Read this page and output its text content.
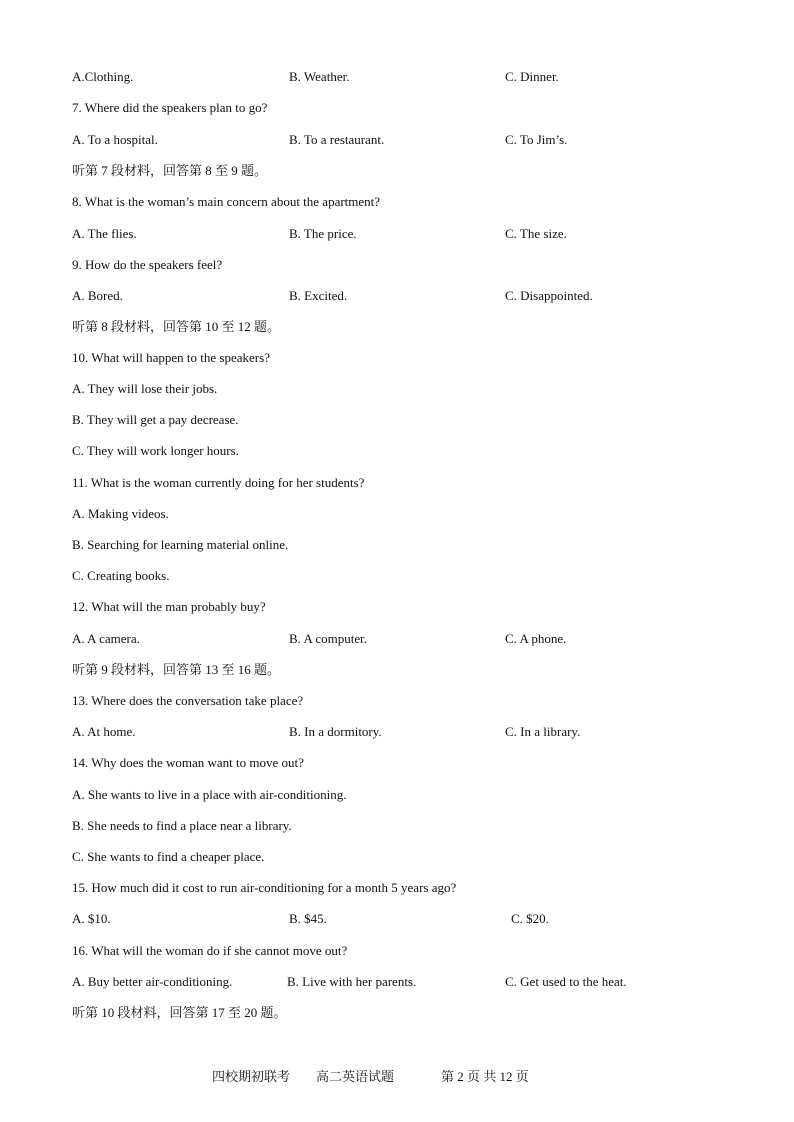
A.Clothing.	B. Weather.	C. Dinner.
7. Where did the speakers plan to go?
A. To a hospital.	B. To a restaurant.	C. To Jim’s.
听第 7 段材料，回答第 8 至 9 题。
8. What is the woman’s main concern about the apartment?
A. The flies.	B. The price.	C. The size.
9. How do the speakers feel?
A. Bored.	B. Excited.	C. Disappointed.
听第 8 段材料，回答第 10 至 12 题。
10. What will happen to the speakers?
A. They will lose their jobs.
B. They will get a pay decrease.
C. They will work longer hours.
11. What is the woman currently doing for her students?
A. Making videos.
B. Searching for learning material online.
C. Creating books.
12. What will the man probably buy?
A. A camera.	B. A computer.	C. A phone.
听第 9 段材料，回答第 13 至 16 题。
13. Where does the conversation take place?
A. At home.	B. In a dormitory.	C. In a library.
14. Why does the woman want to move out?
A. She wants to live in a place with air-conditioning.
B. She needs to find a place near a library.
C. She wants to find a cheaper place.
15. How much did it cost to run air-conditioning for a month 5 years ago?
A. $10.	B. $45.	C. $20.
16. What will the woman do if she cannot move out?
A. Buy better air-conditioning.	B. Live with her parents.	C. Get used to the heat.
听第 10 段材料，回答第 17 至 20 题。
四校期初联考 高二英语试题	第 2 页 共 12 页
